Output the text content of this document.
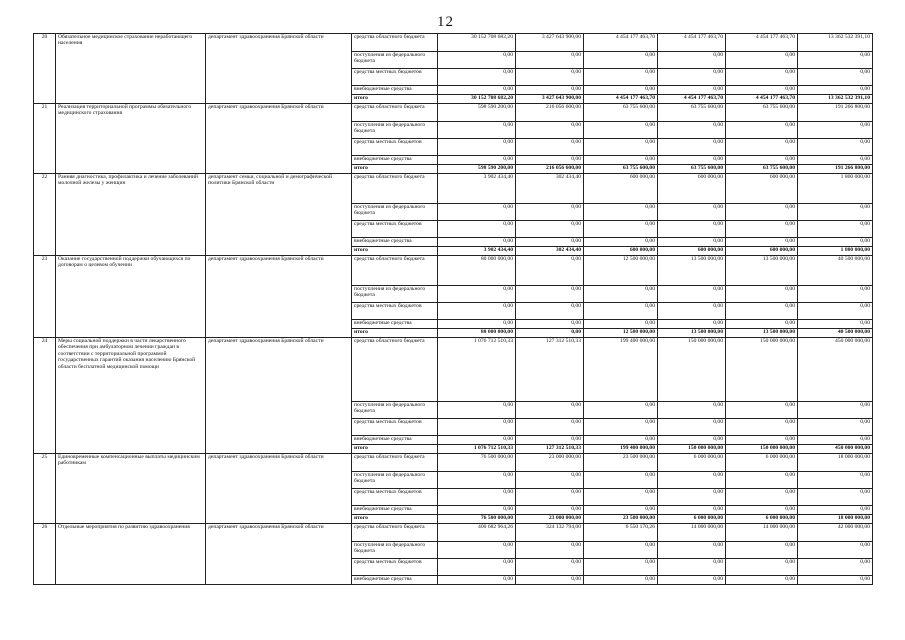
12
20	Обязательное медицинское страхование неработающего населения	департамент здравоохранения Брянской области	средства областного бюджета	30 152 708 682,20	3 427 643 900,00	4 454 177 463,70	4 454 177 463,70	4 454 177 463,70	13 362 532 391,10
			поступления из федерального бюджета	0,00	0,00	0,00	0,00	0,00	0,00
			средства местных бюджетов	0,00	0,00	0,00	0,00	0,00	0,00
			внебюджетные средства	0,00	0,00	0,00	0,00	0,00	0,00
			итого	30 152 708 682,20	3 427 643 900,00	4 454 177 463,70	4 454 177 463,70	4 454 177 463,70	13 362 532 391,10
21	Реализация территориальной программы обязательного медицинского страхования	департамент здравоохранения Брянской области	средства областного бюджета	598 590 200,00	216 056 600,00	63 755 600,00	63 755 600,00	63 755 600,00	191 266 800,00
			поступления из федерального бюджета	0,00	0,00	0,00	0,00	0,00	0,00
			средства местных бюджетов	0,00	0,00	0,00	0,00	0,00	0,00
			внебюджетные средства	0,00	0,00	0,00	0,00	0,00	0,00
			итого	598 590 200,00	216 056 600,00	63 755 600,00	63 755 600,00	63 755 600,00	191 266 800,00
22	Ранняя диагностика, профилактика и лечение заболеваний молочной железы у женщин	департамент семьи, социальной и демографической политики Брянской области	средства областного бюджета	3 902 434,40	302 434,40	600 000,00	600 000,00	600 000,00	1 800 000,00
			поступления из федерального бюджета	0,00	0,00	0,00	0,00	0,00	0,00
			средства местных бюджетов	0,00	0,00	0,00	0,00	0,00	0,00
			внебюджетные средства	0,00	0,00	0,00	0,00	0,00	0,00
			итого	3 902 434,40	302 434,40	600 000,00	600 000,00	600 000,00	1 800 000,00
23	Оказание государственной поддержки обучающихся по договорам о целевом обучении	департамент здравоохранения Брянской области	средства областного бюджета	80 000 000,00	0,00	12 500 000,00	13 500 000,00	13 500 000,00	40 500 000,00
			поступления из федерального бюджета	0,00	0,00	0,00	0,00	0,00	0,00
			средства местных бюджетов	0,00	0,00	0,00	0,00	0,00	0,00
			внебюджетные средства	0,00	0,00	0,00	0,00	0,00	0,00
			итого	80 000 000,00	0,00	12 500 000,00	13 500 000,00	13 500 000,00	40 500 000,00
24	Меры социальной поддержки в части лекарственного обеспечения при амбулаторном лечении граждан в соответствии с территориальной программой государственных гарантий оказания населению Брянской области бесплатной медицинской помощи	департамент здравоохранения Брянской области	средства областного бюджета	1 076 712 510,33	127 312 510,33	199 400 000,00	150 000 000,00	150 000 000,00	450 000 000,00
			поступления из федерального бюджета	0,00	0,00	0,00	0,00	0,00	0,00
			средства местных бюджетов	0,00	0,00	0,00	0,00	0,00	0,00
			внебюджетные средства	0,00	0,00	0,00	0,00	0,00	0,00
			итого	1 076 712 510,33	127 312 510,33	199 400 000,00	150 000 000,00	150 000 000,00	450 000 000,00
25	Единовременные компенсационные выплаты медицинским работникам	департамент здравоохранения Брянской области	средства областного бюджета	76 500 000,00	23 000 000,00	23 500 000,00	6 000 000,00	6 000 000,00	18 000 000,00
			поступления из федерального бюджета	0,00	0,00	0,00	0,00	0,00	0,00
			средства местных бюджетов	0,00	0,00	0,00	0,00	0,00	0,00
			внебюджетные средства	0,00	0,00	0,00	0,00	0,00	0,00
			итого	76 500 000,00	23 000 000,00	23 500 000,00	6 000 000,00	6 000 000,00	18 000 000,00
26	Отдельные мероприятия по развитию здравоохранения	департамент здравоохранения Брянской области	средства областного бюджета	400 682 964,26	324 132 794,00	6 550 170,26	14 000 000,00	14 000 000,00	42 000 000,00
			поступления из федерального бюджета	0,00	0,00	0,00	0,00	0,00	0,00
			средства местных бюджетов	0,00	0,00	0,00	0,00	0,00	0,00
			внебюджетные средства	0,00	0,00	0,00	0,00	0,00	0,00
